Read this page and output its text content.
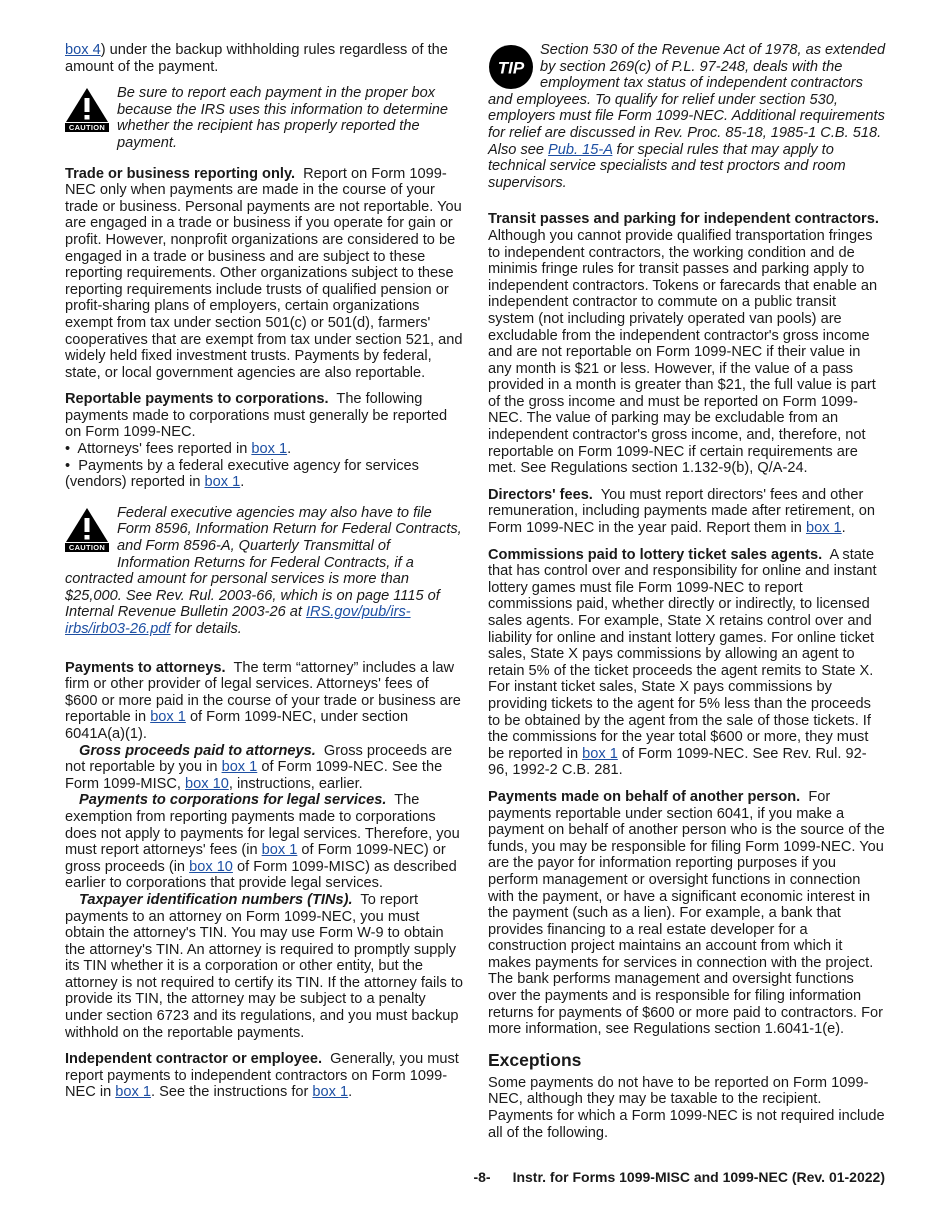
box 4) under the backup withholding rules regardless of the amount of the payment.

CAUTION

Be sure to report each payment in the proper box because the IRS uses this information to determine whether the recipient has properly reported the payment.

Trade or business reporting only. Report on Form 1099-NEC only when payments are made in the course of your trade or business. Personal payments are not reportable. You are engaged in a trade or business if you operate for gain or profit. However, nonprofit organizations are considered to be engaged in a trade or business and are subject to these reporting requirements. Other organizations subject to these reporting requirements include trusts of qualified pension or profit-sharing plans of employers, certain organizations exempt from tax under section 501(c) or 501(d), farmers' cooperatives that are exempt from tax under section 521, and widely held fixed investment trusts. Payments by federal, state, or local government agencies are also reportable.

Reportable payments to corporations. The following payments made to corporations must generally be reported on Form 1099-NEC.

• Attorneys' fees reported in box 1.

• Payments by a federal executive agency for services (vendors) reported in box 1.

CAUTION

Federal executive agencies may also have to file Form 8596, Information Return for Federal Contracts, and Form 8596-A, Quarterly Transmittal of Information Returns for Federal Contracts, if a contracted amount for personal services is more than $25,000. See Rev. Rul. 2003-66, which is on page 1115 of Internal Revenue Bulletin 2003-26 at IRS.gov/pub/irs-irbs/irb03-26.pdf for details.

Payments to attorneys. The term “attorney” includes a law firm or other provider of legal services. Attorneys' fees of $600 or more paid in the course of your trade or business are reportable in box 1 of Form 1099-NEC, under section 6041A(a)(1).

Gross proceeds paid to attorneys. Gross proceeds are not reportable by you in box 1 of Form 1099-NEC. See the Form 1099-MISC, box 10, instructions, earlier.

Payments to corporations for legal services. The exemption from reporting payments made to corporations does not apply to payments for legal services. Therefore, you must report attorneys' fees (in box 1 of Form 1099-NEC) or gross proceeds (in box 10 of Form 1099-MISC) as described earlier to corporations that provide legal services.

Taxpayer identification numbers (TINs). To report payments to an attorney on Form 1099-NEC, you must obtain the attorney's TIN. You may use Form W-9 to obtain the attorney's TIN. An attorney is required to promptly supply its TIN whether it is a corporation or other entity, but the attorney is not required to certify its TIN. If the attorney fails to provide its TIN, the attorney may be subject to a penalty under section 6723 and its regulations, and you must backup withhold on the reportable payments.

Independent contractor or employee. Generally, you must report payments to independent contractors on Form 1099-NEC in box 1. See the instructions for box 1.

TIP

Section 530 of the Revenue Act of 1978, as extended by section 269(c) of P.L. 97-248, deals with the employment tax status of independent contractors and employees. To qualify for relief under section 530, employers must file Form 1099-NEC. Additional requirements for relief are discussed in Rev. Proc. 85-18, 1985-1 C.B. 518. Also see Pub. 15-A for special rules that may apply to technical service specialists and test proctors and room supervisors.

Transit passes and parking for independent contractors.  Although you cannot provide qualified transportation fringes to independent contractors, the working condition and de minimis fringe rules for transit passes and parking apply to independent contractors. Tokens or farecards that enable an independent contractor to commute on a public transit system (not including privately operated van pools) are excludable from the independent contractor's gross income and are not reportable on Form 1099-NEC if their value in any month is $21 or less. However, if the value of a pass provided in a month is greater than $21, the full value is part of the gross income and must be reported on Form 1099-NEC. The value of parking may be excludable from an independent contractor's gross income, and, therefore, not reportable on Form 1099-NEC if certain requirements are met. See Regulations section 1.132-9(b), Q/A-24.

Directors' fees. You must report directors' fees and other remuneration, including payments made after retirement, on Form 1099-NEC in the year paid. Report them in box 1.

Commissions paid to lottery ticket sales agents. A state that has control over and responsibility for online and instant lottery games must file Form 1099-NEC to report commissions paid, whether directly or indirectly, to licensed sales agents. For example, State X retains control over and liability for online and instant lottery games. For online ticket sales, State X pays commissions by allowing an agent to retain 5% of the ticket proceeds the agent remits to State X. For instant ticket sales, State X pays commissions by providing tickets to the agent for 5% less than the proceeds to be obtained by the agent from the sale of those tickets. If the commissions for the year total $600 or more, they must be reported in box 1 of Form 1099-NEC. See Rev. Rul. 92-96, 1992-2 C.B. 281.

Payments made on behalf of another person. For payments reportable under section 6041, if you make a payment on behalf of another person who is the source of the funds, you may be responsible for filing Form 1099-NEC. You are the payor for information reporting purposes if you perform management or oversight functions in connection with the payment, or have a significant economic interest in the payment (such as a lien). For example, a bank that provides financing to a real estate developer for a construction project maintains an account from which it makes payments for services in connection with the project. The bank performs management and oversight functions over the payments and is responsible for filing information returns for payments of $600 or more paid to contractors. For more information, see Regulations section 1.6041-1(e).

Exceptions

Some payments do not have to be reported on Form 1099-NEC, although they may be taxable to the recipient. Payments for which a Form 1099-NEC is not required include all of the following.

-8- Instr. for Forms 1099-MISC and 1099-NEC (Rev. 01-2022)
